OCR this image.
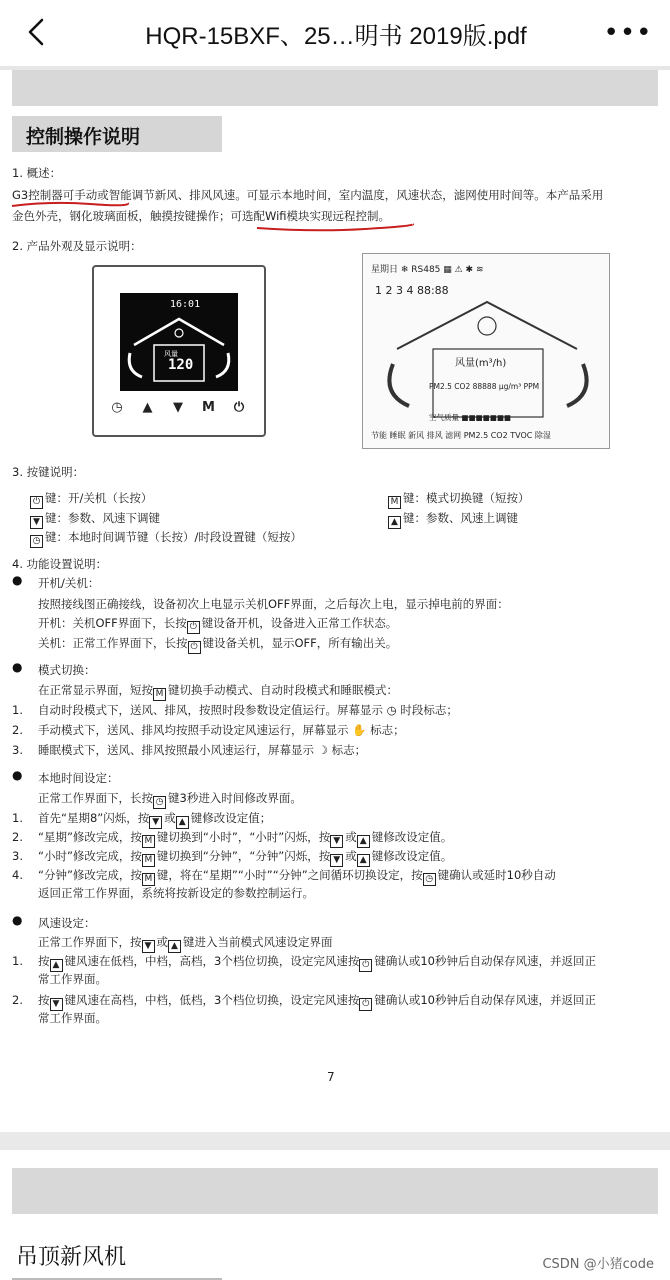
HQR-15BXF、25…明书 2019版.pdf	•••
控制操作说明
1. 概述：
G3控制器可手动或智能调节新风、排风风速。可显示本地时间，室内温度，风速状态，滤网使用时间等。本产品采用
金色外壳，钢化玻璃面板，触摸按键操作；可选配Wifi模块实现远程控制。
2. 产品外观及显示说明：
16:01
风量
120
◷	▲	▼	M ⏻
星期日 ❄ RS485 ▦ ⚠ ✱ ≋
1 2 3 4 88:88
风量(m³/h)
PM2.5 CO2 88888 μg/m³ PPM
空气质量 ■■■■■■■
节能 睡眠 新风 排风 滤网 PM2.5 CO2 TVOC 除湿
3. 按键说明：
⏻ 键：开/关机（长按）	M 键：模式切换键（短按）
▼ 键：参数、风速下调键	▲ 键：参数、风速上调键
◷ 键：本地时间调节键（长按）/时段设置键（短按）
4. 功能设置说明：
● 开机/关机：
按照接线图正确接线，设备初次上电显示关机OFF界面，之后每次上电，显示掉电前的界面：
开机：关机OFF界面下，长按 ⏻ 键设备开机，设备进入正常工作状态。
关机：正常工作界面下，长按 ⏻ 键设备关机，显示OFF，所有输出关。
● 模式切换：
在正常显示界面，短按 M 键切换手动模式、自动时段模式和睡眠模式：
1. 自动时段模式下，送风、排风，按照时段参数设定值运行。屏幕显示 ◷ 时段标志；
2. 手动模式下，送风、排风均按照手动设定风速运行，屏幕显示 ✋ 标志；
3. 睡眠模式下，送风、排风按照最小风速运行，屏幕显示 ☽ 标志；
● 本地时间设定：
正常工作界面下，长按 ◷ 键3秒进入时间修改界面。
1. 首先“星期8”闪烁，按 ▼ 或 ▲ 键修改设定值；
2. “星期”修改完成，按 M 键切换到“小时”，“小时”闪烁，按 ▼ 或 ▲ 键修改设定值。
3. “小时”修改完成，按 M 键切换到“分钟”，“分钟”闪烁，按 ▼ 或 ▲ 键修改设定值。
4. “分钟”修改完成，按 M 键，将在“星期”“小时”“分钟”之间循环切换设定，按 ◷ 键确认或延时10秒自动
返回正常工作界面，系统将按新设定的参数控制运行。
● 风速设定：
正常工作界面下，按 ▼ 或 ▲ 键进入当前模式风速设定界面
1. 按 ▲ 键风速在低档，中档，高档，3个档位切换，设定完风速按 ⏻ 键确认或10秒钟后自动保存风速，并返回正
常工作界面。
2. 按 ▼ 键风速在高档，中档，低档，3个档位切换，设定完风速按 ⏻ 键确认或10秒钟后自动保存风速，并返回正
常工作界面。
7
吊顶新风机	CSDN @小猪code
